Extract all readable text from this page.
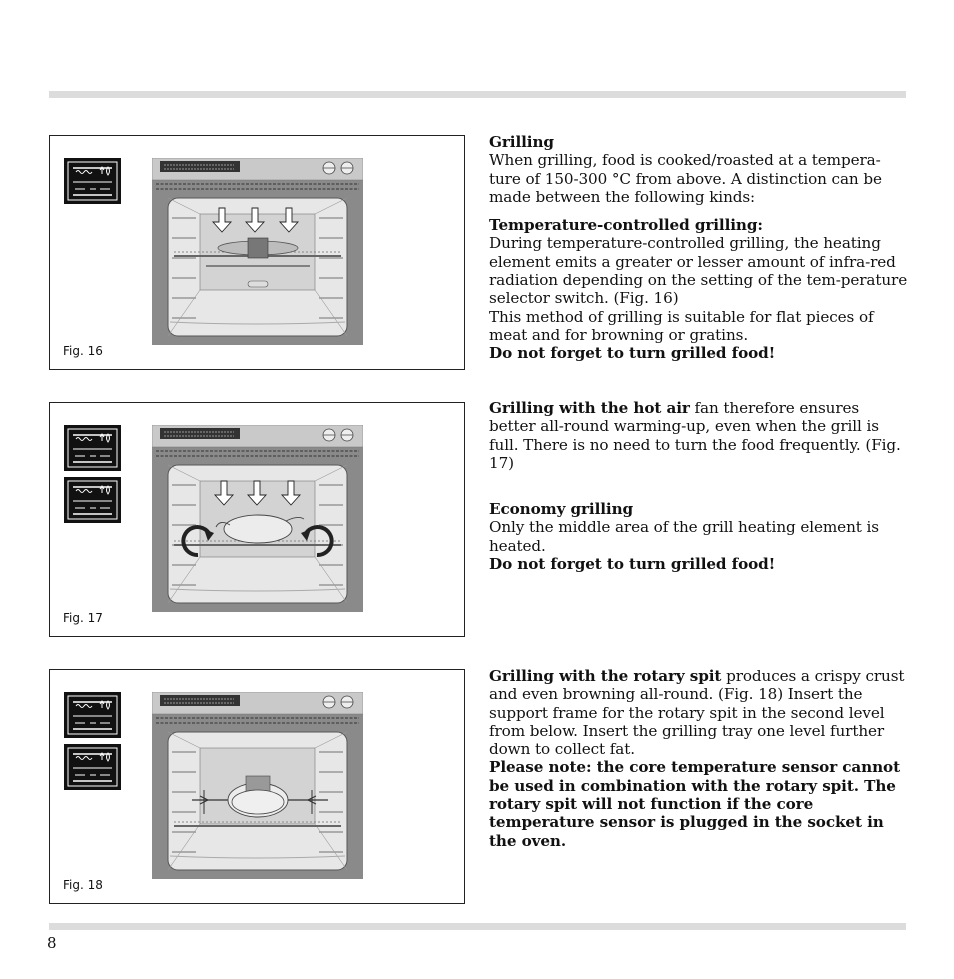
Fig. 16
Fig. 17
Fig. 18

Grilling

When grilling, food is cooked/roasted at a tempera-ture of 150-300 °C from above. A distinction can be made between the following kinds:

Temperature-controlled grilling:

During temperature-controlled grilling, the heating element emits a greater or lesser amount of infra-red radiation depending on the setting of the tem-perature selector switch. (Fig. 16)

This method of grilling is suitable for flat pieces of meat and for browning or gratins.

Do not forget to turn grilled food!

Grilling with the hot air fan therefore ensures better all-round warming-up, even when the grill is full. There is no need to turn the food frequently. (Fig. 17)

Economy grilling

Only the middle area of the grill heating element is heated.

Do not forget to turn grilled food!

Grilling with the rotary spit produces a crispy crust and even browning all-round. (Fig. 18) Insert the support frame for the rotary spit in the second level from below. Insert the grilling tray one level further down to collect fat.

Please note: the core temperature sensor cannot be used in combination with the rotary spit. The rotary spit will not function if the core temperature sensor is plugged in the socket in the oven.

8
